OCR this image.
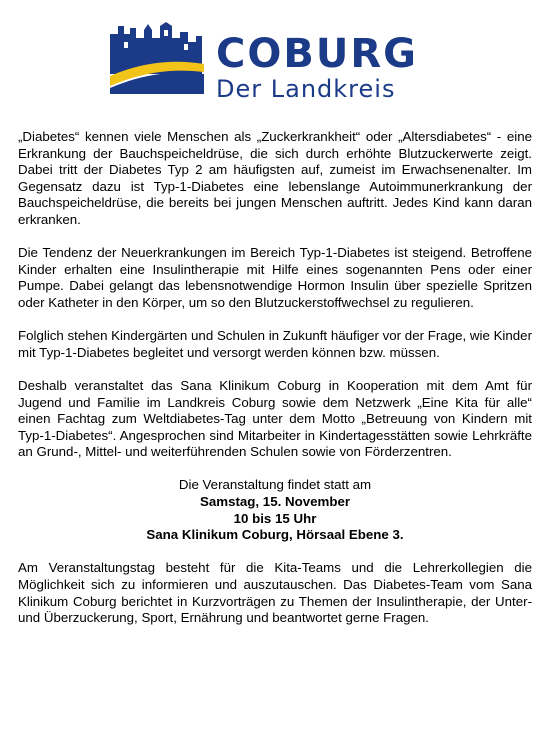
COBURG
Der Landkreis

„Diabetes“ kennen viele Menschen als „Zuckerkrankheit“ oder „Altersdiabetes“ - eine Erkrankung der Bauchspeicheldrüse, die sich durch erhöhte Blutzuckerwerte zeigt. Dabei tritt der Diabetes Typ 2 am häufigsten auf, zumeist im Erwachsenenalter. Im Gegensatz dazu ist Typ-1-Diabetes eine lebenslange Autoimmunerkrankung der Bauchspeicheldrüse, die bereits bei jungen Menschen auftritt. Jedes Kind kann daran erkranken.

Die Tendenz der Neuerkrankungen im Bereich Typ-1-Diabetes ist steigend. Betroffene Kinder erhalten eine Insulintherapie mit Hilfe eines sogenannten Pens oder einer Pumpe. Dabei gelangt das lebensnotwendige Hormon Insulin über spezielle Spritzen oder Katheter in den Körper, um so den Blutzuckerstoffwechsel zu regulieren.

Folglich stehen Kindergärten und Schulen in Zukunft häufiger vor der Frage, wie Kinder mit Typ-1-Diabetes begleitet und versorgt werden können bzw. müssen.

Deshalb veranstaltet das Sana Klinikum Coburg in Kooperation mit dem Amt für Jugend und Familie im Landkreis Coburg sowie dem Netzwerk „Eine Kita für alle“ einen Fachtag zum Weltdiabetes-Tag unter dem Motto „Betreuung von Kindern mit Typ-1-Diabetes“. Angesprochen sind Mitarbeiter in Kindertagesstätten sowie Lehrkräfte an Grund-, Mittel- und weiterführenden Schulen sowie von Förderzentren.

Die Veranstaltung findet statt am
Samstag, 15. November
10 bis 15 Uhr
Sana Klinikum Coburg, Hörsaal Ebene 3.

Am Veranstaltungstag besteht für die Kita-Teams und die Lehrerkollegien die Möglichkeit sich zu informieren und auszutauschen. Das Diabetes-Team vom Sana Klinikum Coburg berichtet in Kurzvorträgen zu Themen der Insulintherapie, der Unter- und Überzuckerung, Sport, Ernährung und beantwortet gerne Fragen.
